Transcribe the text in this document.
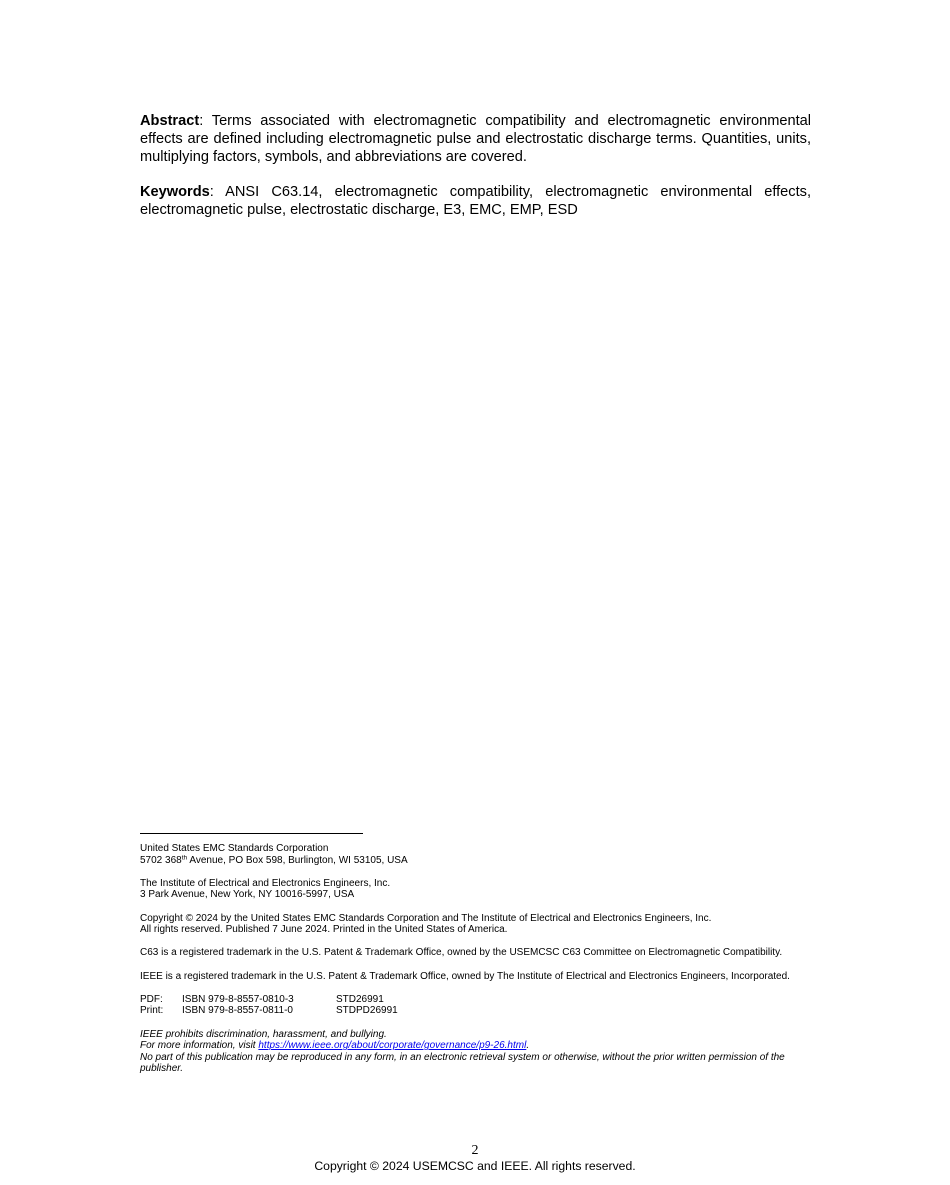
Abstract: Terms associated with electromagnetic compatibility and electromagnetic environmental effects are defined including electromagnetic pulse and electrostatic discharge terms. Quantities, units, multiplying factors, symbols, and abbreviations are covered.

Keywords: ANSI C63.14, electromagnetic compatibility, electromagnetic environmental effects, electromagnetic pulse, electrostatic discharge, E3, EMC, EMP, ESD

United States EMC Standards Corporation
5702 368th Avenue, PO Box 598, Burlington, WI 53105, USA

The Institute of Electrical and Electronics Engineers, Inc.
3 Park Avenue, New York, NY 10016-5997, USA

Copyright © 2024 by the United States EMC Standards Corporation and The Institute of Electrical and Electronics Engineers, Inc.
All rights reserved. Published 7 June 2024. Printed in the United States of America.

C63 is a registered trademark in the U.S. Patent & Trademark Office, owned by the USEMCSC C63 Committee on Electromagnetic Compatibility.

IEEE is a registered trademark in the U.S. Patent & Trademark Office, owned by The Institute of Electrical and Electronics Engineers, Incorporated.

PDF: ISBN 979-8-8557-0810-3	STD26991
Print: ISBN 979-8-8557-0811-0	STDPD26991

IEEE prohibits discrimination, harassment, and bullying.
For more information, visit https://www.ieee.org/about/corporate/governance/p9-26.html.
No part of this publication may be reproduced in any form, in an electronic retrieval system or otherwise, without the prior written permission of the publisher.

2
Copyright © 2024 USEMCSC and IEEE. All rights reserved.
